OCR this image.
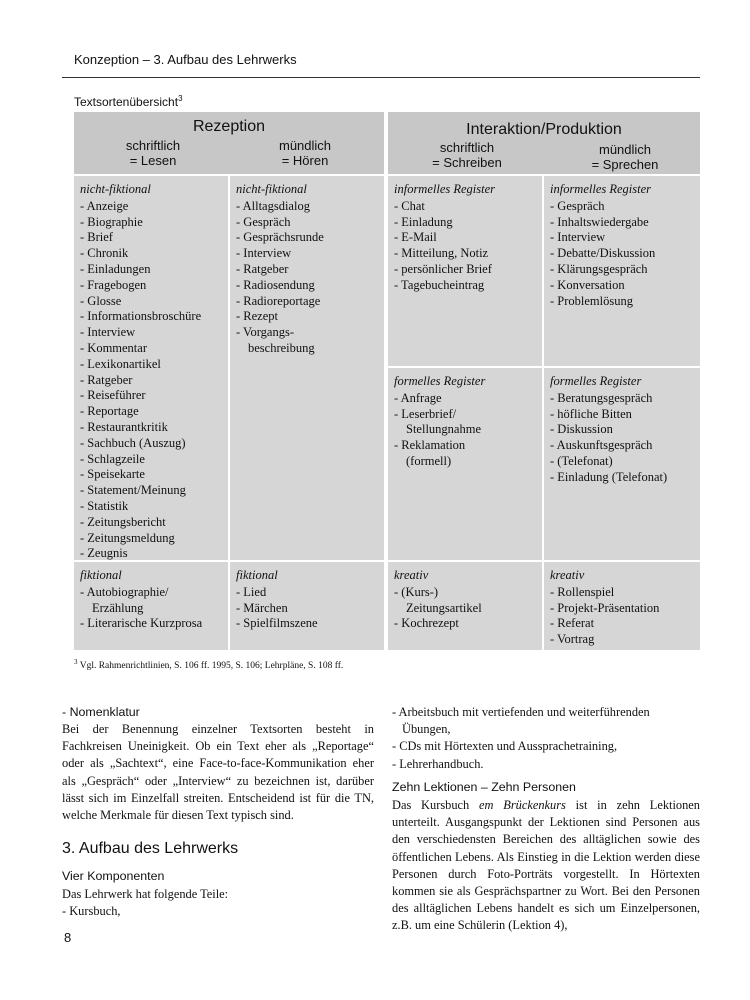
Konzeption – 3. Aufbau des Lehrwerks
Textsortenübersicht$^3$
Rezeption
schriftlich
= Lesen
mündlich
= Hören
Interaktion/Produktion
schriftlich
= Schreiben
mündlich
= Sprechen
nicht-fiktional
- Anzeige
- Biographie
- Brief
- Chronik
- Einladungen
- Fragebogen
- Glosse
- Informationsbroschüre
- Interview
- Kommentar
- Lexikonartikel
- Ratgeber
- Reiseführer
- Reportage
- Restaurantkritik
- Sachbuch (Auszug)
- Schlagzeile
- Speisekarte
- Statement/Meinung
- Statistik
- Zeitungsbericht
- Zeitungsmeldung
- Zeugnis
nicht-fiktional
- Alltagsdialog
- Gespräch
- Gesprächsrunde
- Interview
- Ratgeber
- Radiosendung
- Radioreportage
- Rezept
- Vorgangs-
beschreibung
informelles Register
- Chat
- Einladung
- E-Mail
- Mitteilung, Notiz
- persönlicher Brief
- Tagebucheintrag
informelles Register
- Gespräch
- Inhaltswiedergabe
- Interview
- Debatte/Diskussion
- Klärungsgespräch
- Konversation
- Problemlösung
formelles Register
- Anfrage
- Leserbrief/
Stellungnahme
- Reklamation
(formell)
formelles Register
- Beratungsgespräch
- höfliche Bitten
- Diskussion
- Auskunftsgespräch
- (Telefonat)
- Einladung (Telefonat)
fiktional
- Autobiographie/
Erzählung
- Literarische Kurzprosa
fiktional
- Lied
- Märchen
- Spielfilmszene
kreativ
- (Kurs-)
Zeitungsartikel
- Kochrezept
kreativ
- Rollenspiel
- Projekt-Präsentation
- Referat
- Vortrag
$^3$ Vgl. Rahmenrichtlinien, S. 106 ff. 1995, S. 106; Lehrpläne, S. 108 ff.
- Nomenklatur
Bei der Benennung einzelner Textsorten besteht in Fachkreisen Uneinigkeit. Ob ein Text eher als „Reportage“ oder als „Sachtext“, eine Face-to-face-Kommunikation eher als „Gespräch“ oder „Interview“ zu bezeichnen ist, darüber lässt sich im Einzelfall streiten. Entscheidend ist für die TN, welche Merkmale für diesen Text typisch sind.
3. Aufbau des Lehrwerks
Vier Komponenten
Das Lehrwerk hat folgende Teile:
- Kursbuch,
- Arbeitsbuch mit vertiefenden und weiterführenden
Übungen,
- CDs mit Hörtexten und Aussprachetraining,
- Lehrerhandbuch.
Zehn Lektionen – Zehn Personen
Das Kursbuch em Brückenkurs ist in zehn Lektionen unterteilt. Ausgangspunkt der Lektionen sind Personen aus den verschiedensten Bereichen des alltäglichen sowie des öffentlichen Lebens. Als Einstieg in die Lektion werden diese Personen durch Foto-Porträts vorgestellt. In Hörtexten kommen sie als Gesprächspartner zu Wort. Bei den Personen des alltäglichen Lebens handelt es sich um Einzelpersonen, z.B. um eine Schülerin (Lektion 4),
8
